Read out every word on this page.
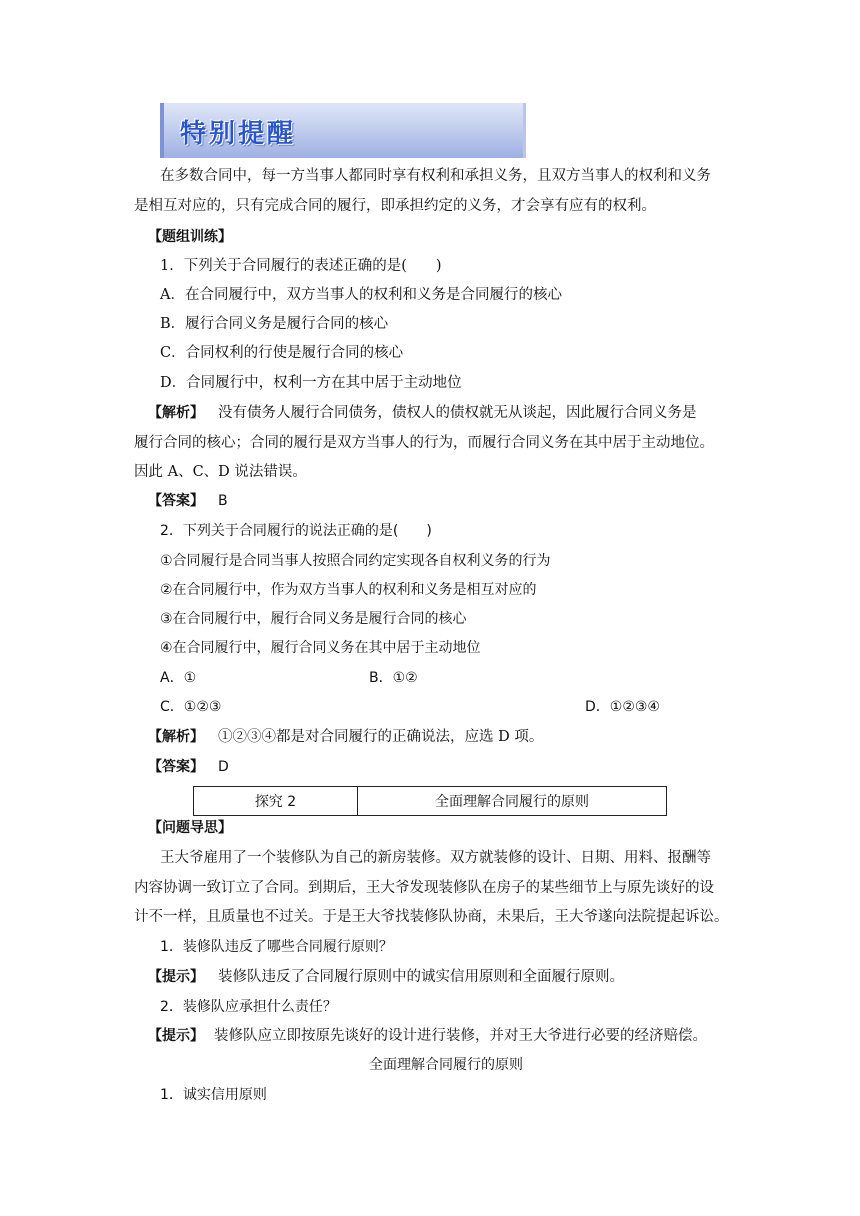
特别提醒
在多数合同中，每一方当事人都同时享有权利和承担义务，且双方当事人的权利和义务
是相互对应的，只有完成合同的履行，即承担约定的义务，才会享有应有的权利。
【题组训练】
1．下列关于合同履行的表述正确的是(　　)
A．在合同履行中，双方当事人的权利和义务是合同履行的核心
B．履行合同义务是履行合同的核心
C．合同权利的行使是履行合同的核心
D．合同履行中，权利一方在其中居于主动地位
【解析】 没有债务人履行合同债务，债权人的债权就无从谈起，因此履行合同义务是
履行合同的核心；合同的履行是双方当事人的行为，而履行合同义务在其中居于主动地位。
因此 A、C、D 说法错误。
【答案】 B
2．下列关于合同履行的说法正确的是(　　)
①合同履行是合同当事人按照合同约定实现各自权利义务的行为
②在合同履行中，作为双方当事人的权利和义务是相互对应的
③在合同履行中，履行合同义务是履行合同的核心
④在合同履行中，履行合同义务在其中居于主动地位
A．①	B．①②
C．①②③	D．①②③④
【解析】 ①②③④都是对合同履行的正确说法，应选 D 项。
【答案】 D
探究 2	全面理解合同履行的原则
【问题导思】
王大爷雇用了一个装修队为自己的新房装修。双方就装修的设计、日期、用料、报酬等
内容协调一致订立了合同。到期后，王大爷发现装修队在房子的某些细节上与原先谈好的设
计不一样，且质量也不过关。于是王大爷找装修队协商，未果后，王大爷遂向法院提起诉讼。
1．装修队违反了哪些合同履行原则？
【提示】 装修队违反了合同履行原则中的诚实信用原则和全面履行原则。
2．装修队应承担什么责任？
【提示】 装修队应立即按原先谈好的设计进行装修，并对王大爷进行必要的经济赔偿。
全面理解合同履行的原则
1．诚实信用原则
